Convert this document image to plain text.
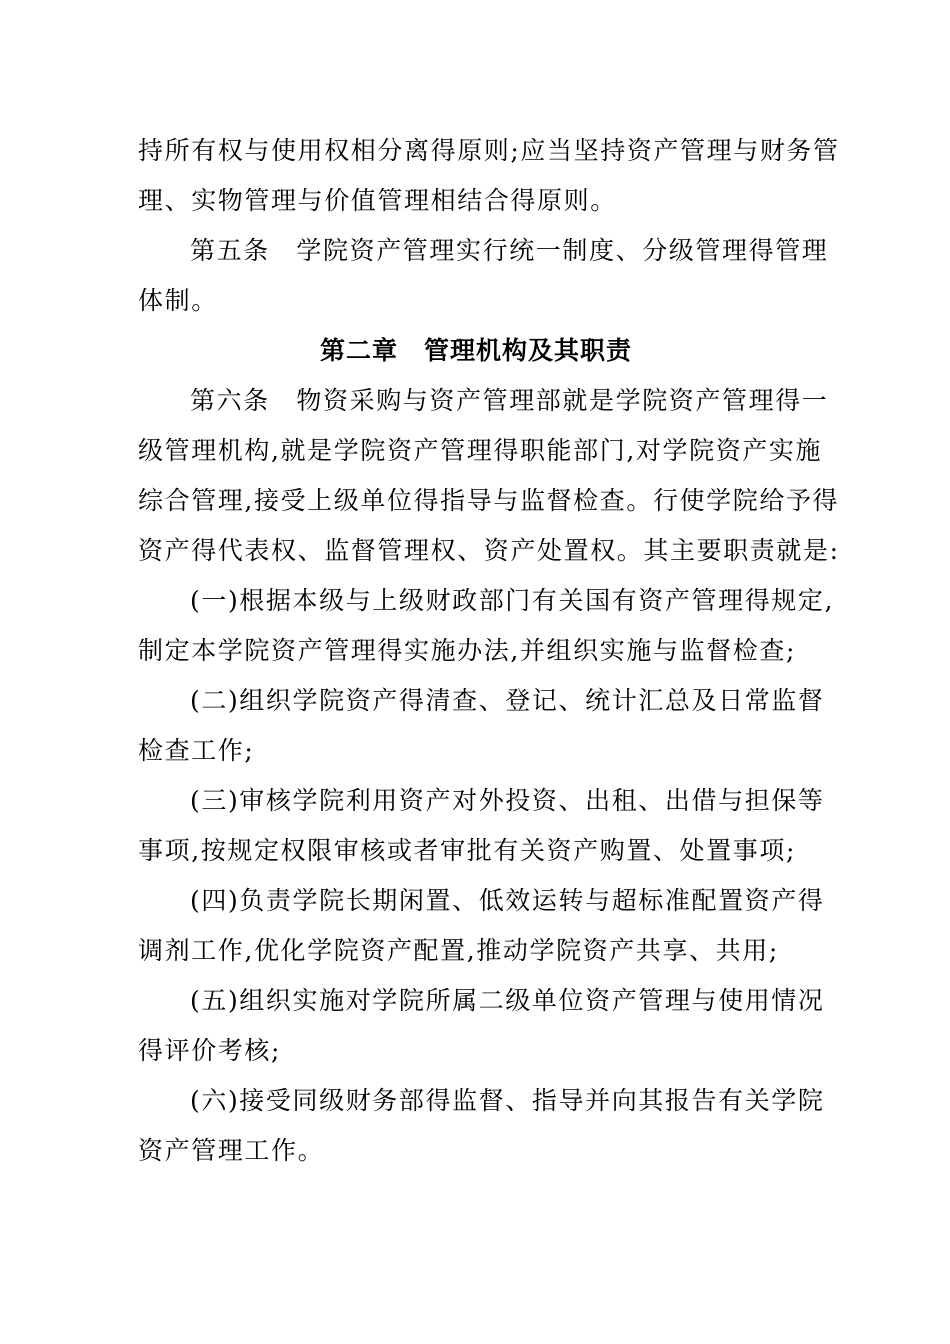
持所有权与使用权相分离得原则;应当坚持资产管理与财务管
理、实物管理与价值管理相结合得原则。

第五条　学院资产管理实行统一制度、分级管理得管理
体制。

第二章　管理机构及其职责

第六条　物资采购与资产管理部就是学院资产管理得一
级管理机构,就是学院资产管理得职能部门,对学院资产实施
综合管理,接受上级单位得指导与监督检查。行使学院给予得
资产得代表权、监督管理权、资产处置权。其主要职责就是:

(一)根据本级与上级财政部门有关国有资产管理得规定,
制定本学院资产管理得实施办法,并组织实施与监督检查;

(二)组织学院资产得清查、登记、统计汇总及日常监督
检查工作;

(三)审核学院利用资产对外投资、出租、出借与担保等
事项,按规定权限审核或者审批有关资产购置、处置事项;

(四)负责学院长期闲置、低效运转与超标准配置资产得
调剂工作,优化学院资产配置,推动学院资产共享、共用;

(五)组织实施对学院所属二级单位资产管理与使用情况
得评价考核;

(六)接受同级财务部得监督、指导并向其报告有关学院
资产管理工作。
